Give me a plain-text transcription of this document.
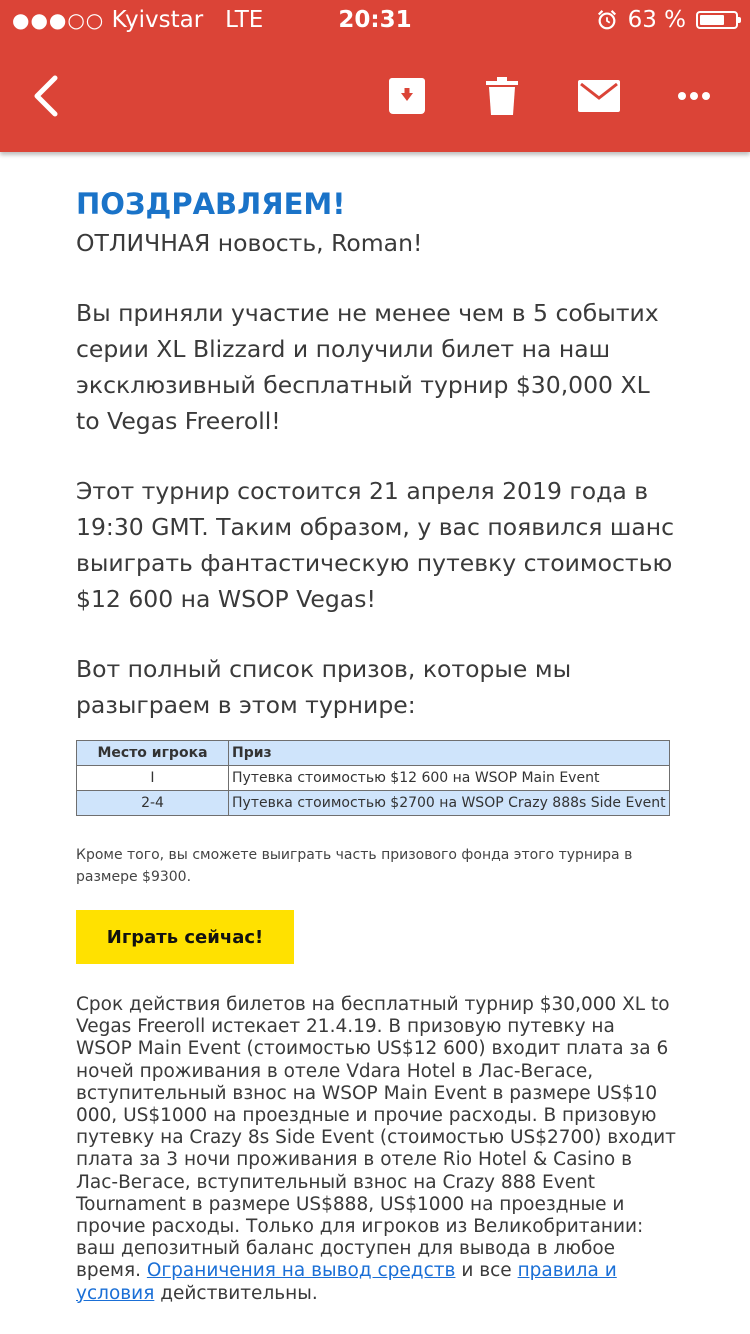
●●●○○ Kyivstar LTE	20:31	63 %
ПОЗДРАВЛЯЕМ!

ОТЛИЧНАЯ новость, Roman!

Вы приняли участие не менее чем в 5 событих серии XL Blizzard и получили билет на наш эксклюзивный бесплатный турнир $30,000 XL to Vegas Freeroll!

Этот турнир состоится 21 апреля 2019 года в 19:30 GMT. Таким образом, у вас появился шанс выиграть фантастическую путевку стоимостью $12 600 на WSOP Vegas!

Вот полный список призов, которые мы разыграем в этом турнире:

Место игрока	Приз
I	Путевка стоимостью $12 600 на WSOP Main Event
2-4	Путевка стоимостью $2700 на WSOP Crazy 888s Side Event

Кроме того, вы сможете выиграть часть призового фонда этого турнира в размере $9300.

Играть сейчас!

Срок действия билетов на бесплатный турнир $30,000 XL to Vegas Freeroll истекает 21.4.19. В призовую путевку на WSOP Main Event (стоимостью US$12 600) входит плата за 6 ночей проживания в отеле Vdara Hotel в Лас-Вегасе, вступительный взнос на WSOP Main Event в размере US$10 000, US$1000 на проездные и прочие расходы. В призовую путевку на Crazy 8s Side Event (стоимостью US$2700) входит плата за 3 ночи проживания в отеле Rio Hotel & Casino в Лас-Вегасе, вступительный взнос на Crazy 888 Event Tournament в размере US$888, US$1000 на проездные и прочие расходы. Только для игроков из Великобритании: ваш депозитный баланс доступен для вывода в любое время. Ограничения на вывод средств и все правила и условия действительны.
